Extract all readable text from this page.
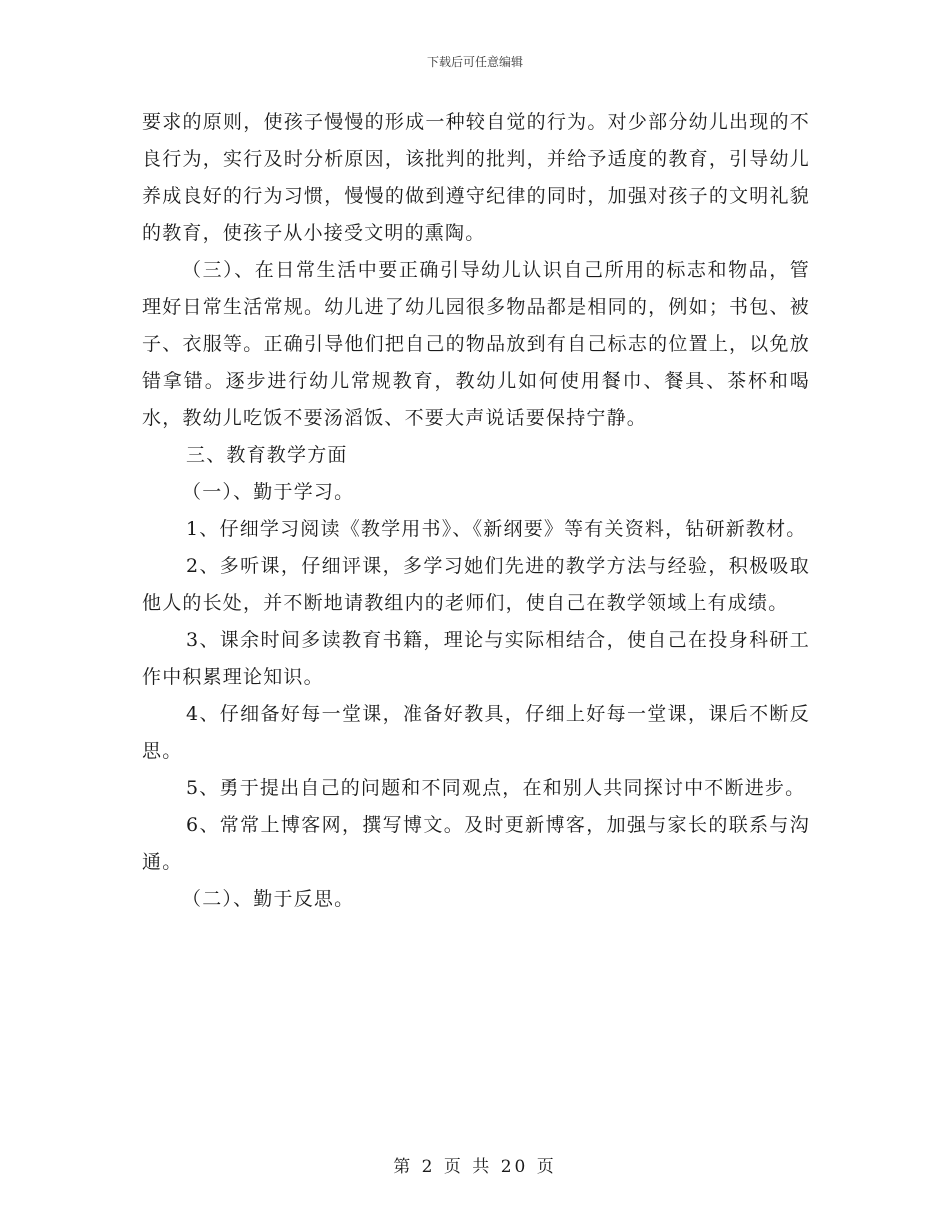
下载后可任意编辑

要求的原则，使孩子慢慢的形成一种较自觉的行为。对少部分幼儿出现的不良行为，实行及时分析原因，该批判的批判，并给予适度的教育，引导幼儿养成良好的行为习惯，慢慢的做到遵守纪律的同时，加强对孩子的文明礼貌的教育，使孩子从小接受文明的熏陶。

（三）、在日常生活中要正确引导幼儿认识自己所用的标志和物品，管理好日常生活常规。幼儿进了幼儿园很多物品都是相同的，例如；书包、被子、衣服等。正确引导他们把自己的物品放到有自己标志的位置上，以免放错拿错。逐步进行幼儿常规教育，教幼儿如何使用餐巾、餐具、茶杯和喝水，教幼儿吃饭不要汤滔饭、不要大声说话要保持宁静。

三、教育教学方面

（一）、勤于学习。

1、仔细学习阅读《教学用书》、《新纲要》等有关资料，钻研新教材。

2、多听课，仔细评课，多学习她们先进的教学方法与经验，积极吸取他人的长处，并不断地请教组内的老师们，使自己在教学领域上有成绩。

3、课余时间多读教育书籍，理论与实际相结合，使自己在投身科研工作中积累理论知识。

4、仔细备好每一堂课，准备好教具，仔细上好每一堂课，课后不断反思。

5、勇于提出自己的问题和不同观点，在和别人共同探讨中不断进步。

6、常常上博客网，撰写博文。及时更新博客，加强与家长的联系与沟通。

（二）、勤于反思。

第 2 页 共 20 页
